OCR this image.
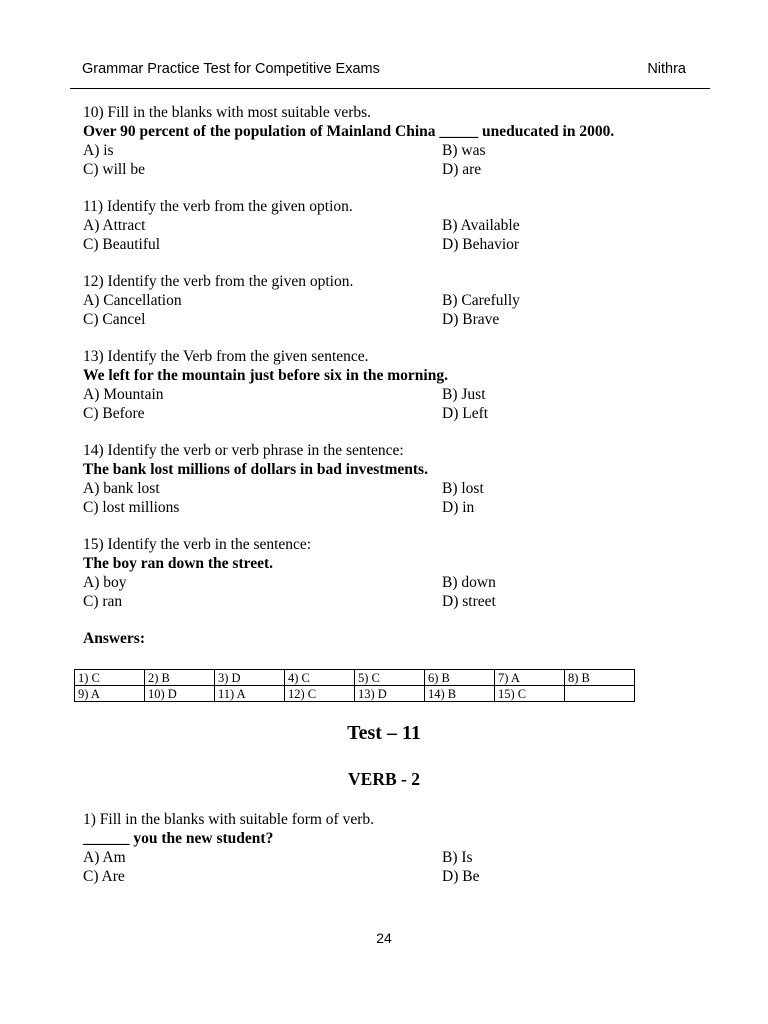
Grammar Practice Test for Competitive Exams	Nithra
10) Fill in the blanks with most suitable verbs.
Over 90 percent of the population of Mainland China _____ uneducated in 2000.
A) is	B) was
C) will be	D) are
11) Identify the verb from the given option.
A) Attract	B) Available
C) Beautiful	D) Behavior
12) Identify the verb from the given option.
A) Cancellation	B) Carefully
C) Cancel	D) Brave
13) Identify the Verb from the given sentence.
We left for the mountain just before six in the morning.
A) Mountain	B) Just
C) Before	D) Left
14) Identify the verb or verb phrase in the sentence:
The bank lost millions of dollars in bad investments.
A) bank lost	B) lost
C) lost millions	D) in
15) Identify the verb in the sentence:
The boy ran down the street.
A) boy	B) down
C) ran	D) street
Answers:
1) C	2) B	3) D	4) C	5) C	6) B	7) A	8) B
9) A	10) D	11) A	12) C	13) D	14) B	15) C	
Test – 11
VERB - 2
1) Fill in the blanks with suitable form of verb.
______ you the new student?
A) Am	B) Is
C) Are	D) Be
24
